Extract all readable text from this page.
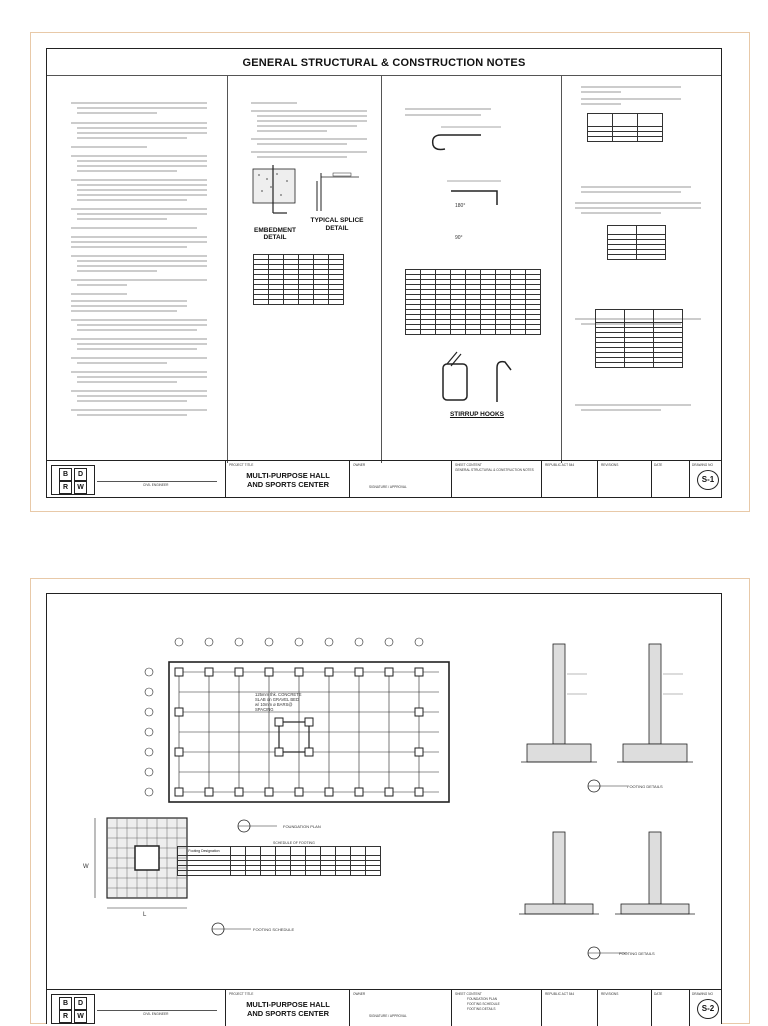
GENERAL STRUCTURAL & CONSTRUCTION NOTES
EMBEDMENT DETAIL
TYPICAL SPLICE DETAIL

180°
90°

STIRRUP HOOKS

B	D
R	W	CIVIL ENGINEER
PROJECT TITLE
MULTI-PURPOSE HALL
AND SPORTS CENTER
OWNER
SIGNATURE / APPROVAL
SHEET CONTENT
GENERAL STRUCTURAL & CONSTRUCTION NOTES
REPUBLIC ACT 544	REVISIONS	DATE	DRAWING NO
S-1
125mm thk. CONCRETE
SLAB on GRAVEL BED
w/ 10mm ø BARS@
SPACING
FOUNDATION PLAN
FOOTING DETAILS
W
L
SCHEDULE OF FOOTING
Footing Designation										

FOOTING SCHEDULE
FOOTING DETAILS
B	D
R	W	CIVIL ENGINEER
PROJECT TITLE
MULTI-PURPOSE HALL
AND SPORTS CENTER
OWNER
SIGNATURE / APPROVAL
SHEET CONTENT
FOUNDATION PLAN
FOOTING SCHEDULE
FOOTING DETAILS
REPUBLIC ACT 544	REVISIONS	DATE	DRAWING NO
S-2
